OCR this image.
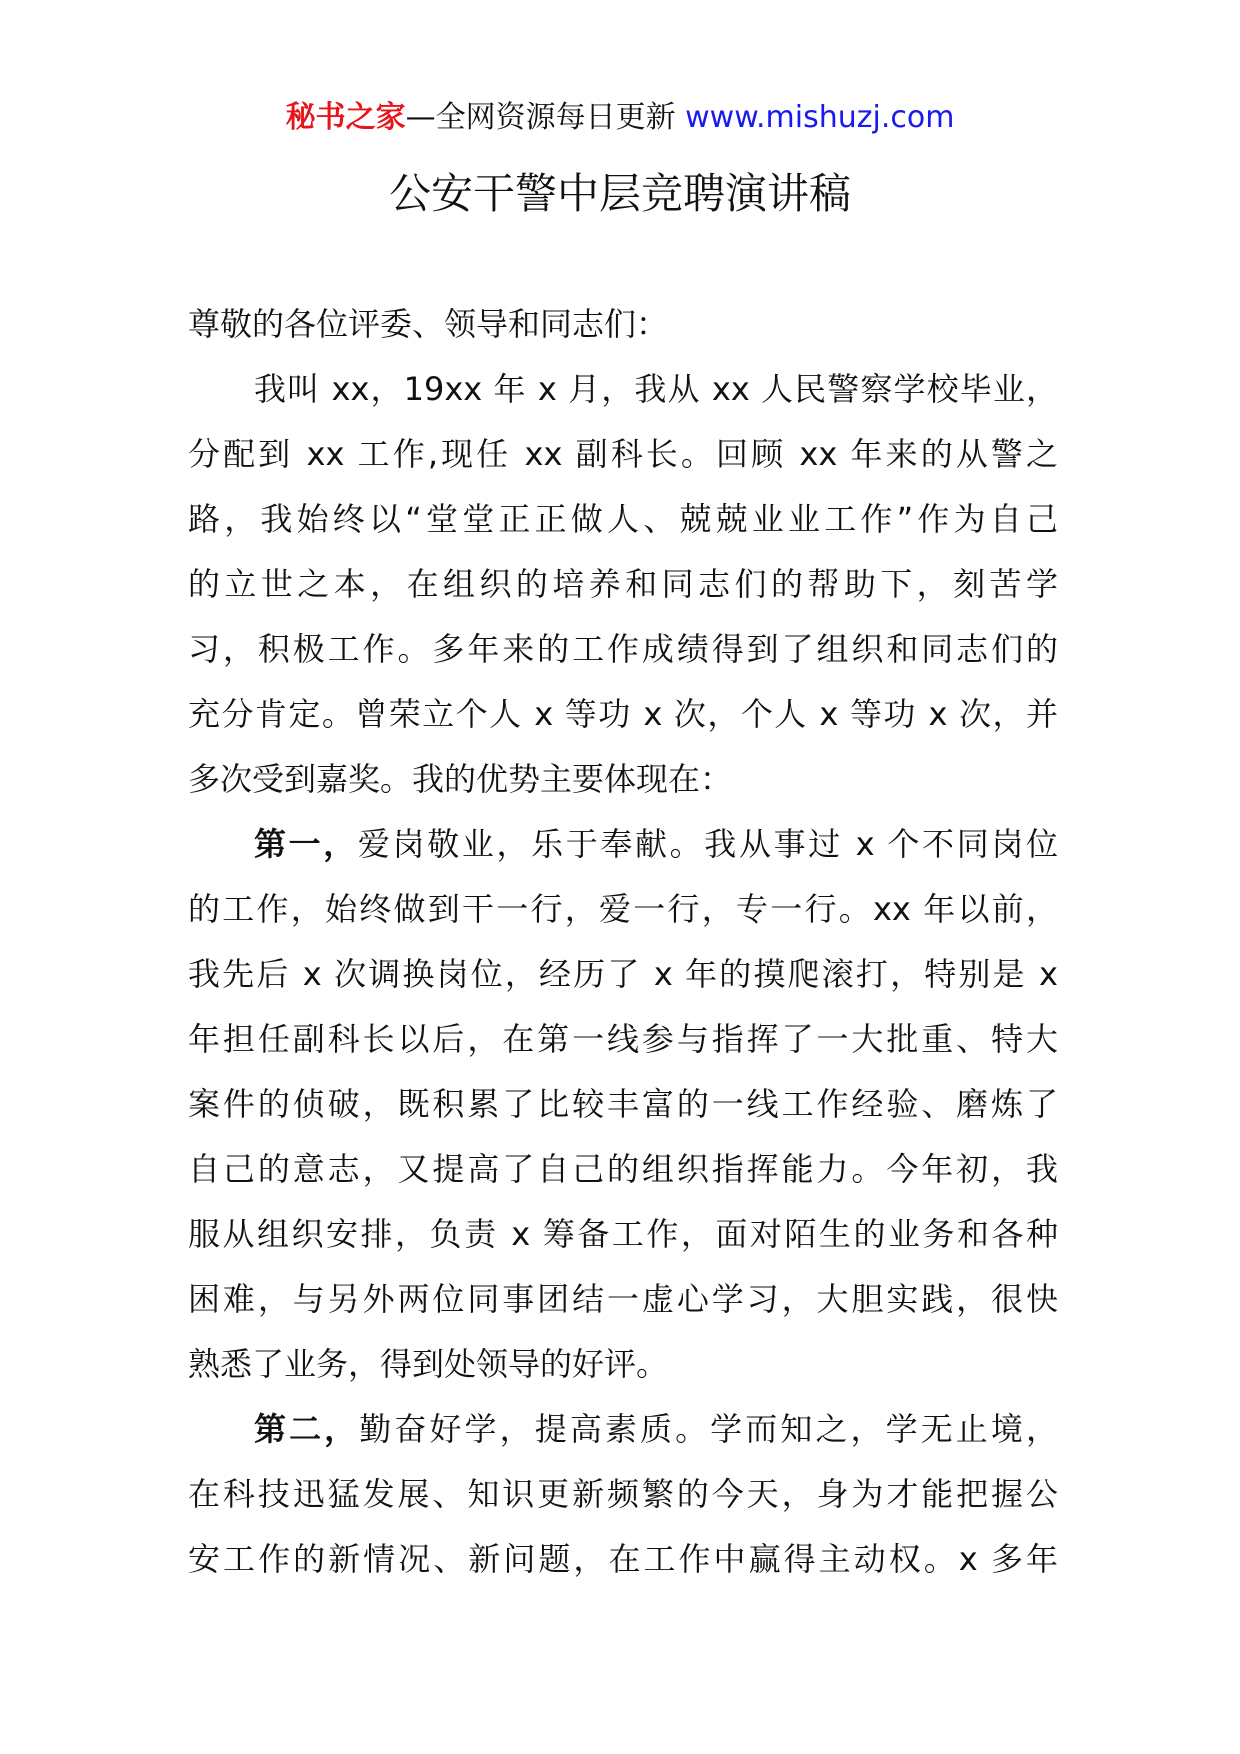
秘书之家—全网资源每日更新 www.mishuzj.com
公安干警中层竞聘演讲稿
尊敬的各位评委、领导和同志们：
我叫 xx，19xx 年 x 月，我从 xx 人民警察学校毕业，
分配到 xx 工作,现任 xx 副科长。回顾 xx 年来的从警之
路，我始终以“堂堂正正做人、兢兢业业工作”作为自己
的立世之本，在组织的培养和同志们的帮助下，刻苦学
习，积极工作。多年来的工作成绩得到了组织和同志们的
充分肯定。曾荣立个人 x 等功 x 次，个人 x 等功 x 次，并
多次受到嘉奖。我的优势主要体现在：
第一，爱岗敬业，乐于奉献。我从事过 x 个不同岗位
的工作，始终做到干一行，爱一行，专一行。xx 年以前，
我先后 x 次调换岗位，经历了 x 年的摸爬滚打，特别是 x
年担任副科长以后，在第一线参与指挥了一大批重、特大
案件的侦破，既积累了比较丰富的一线工作经验、磨炼了
自己的意志，又提高了自己的组织指挥能力。今年初，我
服从组织安排，负责 x 筹备工作，面对陌生的业务和各种
困难，与另外两位同事团结一虚心学习，大胆实践，很快
熟悉了业务，得到处领导的好评。
第二，勤奋好学，提高素质。学而知之，学无止境，
在科技迅猛发展、知识更新频繁的今天，身为才能把握公
安工作的新情况、新问题，在工作中赢得主动权。x 多年
